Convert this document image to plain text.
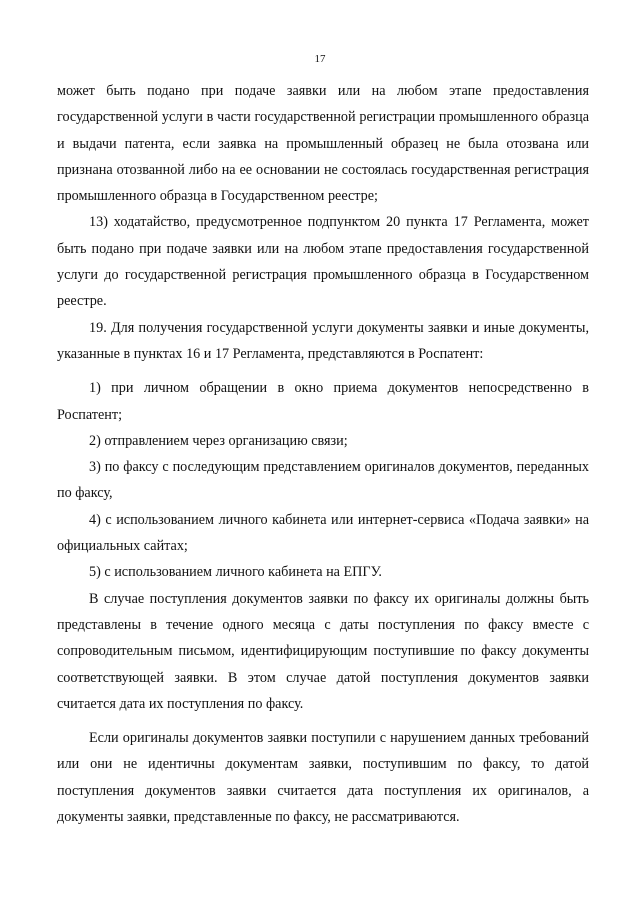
17

может быть подано при подаче заявки или на любом этапе предоставления государственной услуги в части государственной регистрации промышленного образца и выдачи патента, если заявка на промышленный образец не была отозвана или признана отозванной либо на ее основании не состоялась государственная регистрация промышленного образца в Государственном реестре;

13) ходатайство, предусмотренное подпунктом 20 пункта 17 Регламента, может быть подано при подаче заявки или на любом этапе предоставления государственной услуги до государственной регистрация промышленного образца в Государственном реестре.

19. Для получения государственной услуги документы заявки и иные документы, указанные в пунктах 16 и 17 Регламента, представляются в Роспатент:

1) при личном обращении в окно приема документов непосредственно в Роспатент;

2) отправлением через организацию связи;

3) по факсу с последующим представлением оригиналов документов, переданных по факсу,

4) с использованием личного кабинета или интернет-сервиса «Подача заявки» на официальных сайтах;

5) с использованием личного кабинета на ЕПГУ.

В случае поступления документов заявки по факсу их оригиналы должны быть представлены в течение одного месяца с даты поступления по факсу вместе с сопроводительным письмом, идентифицирующим поступившие по факсу документы соответствующей заявки. В этом случае датой поступления документов заявки считается дата их поступления по факсу.

Если оригиналы документов заявки поступили с нарушением данных требований или они не идентичны документам заявки, поступившим по факсу, то датой поступления документов заявки считается дата поступления их оригиналов, а документы заявки, представленные по факсу, не рассматриваются.
